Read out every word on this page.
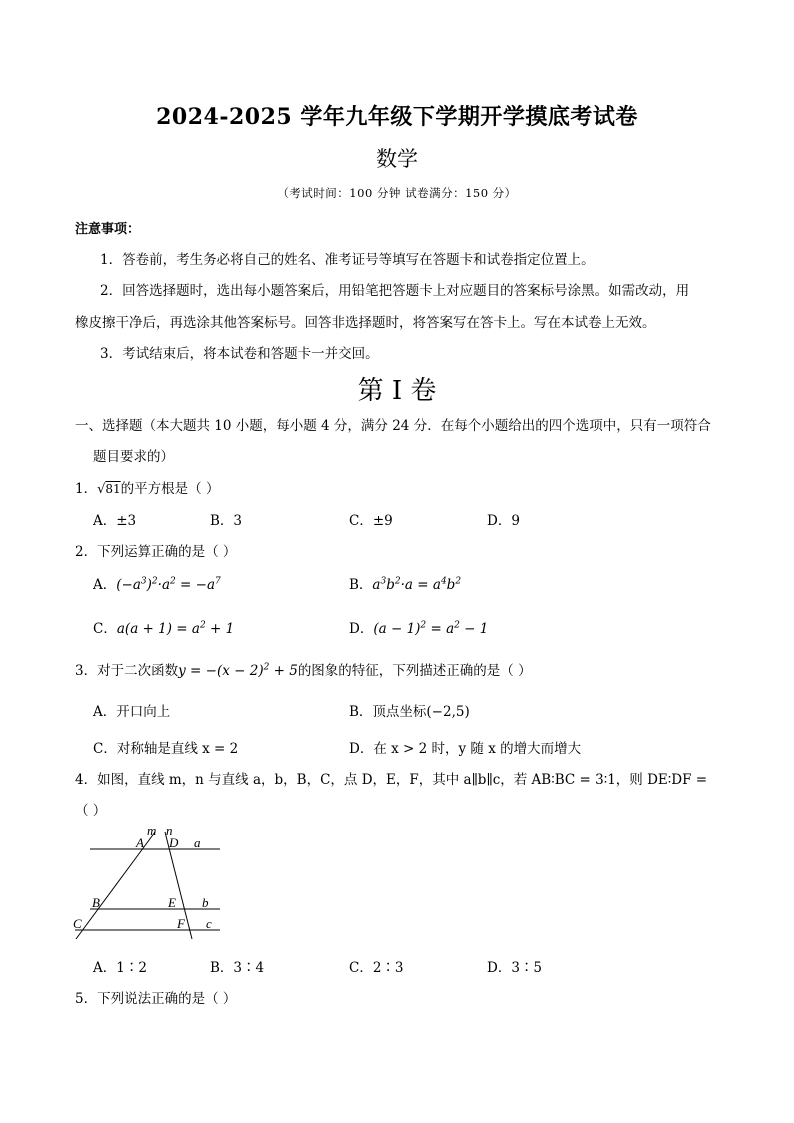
2024-2025 学年九年级下学期开学摸底考试卷
数学
（考试时间：100 分钟 试卷满分：150 分）
注意事项：
1．答卷前，考生务必将自己的姓名、准考证号等填写在答题卡和试卷指定位置上。
2．回答选择题时，选出每小题答案后，用铅笔把答题卡上对应题目的答案标号涂黑。如需改动，用
橡皮擦干净后，再选涂其他答案标号。回答非选择题时，将答案写在答卡上。写在本试卷上无效。
3．考试结束后，将本试卷和答题卡一并交回。
第 I 卷
一、选择题（本大题共 10 小题，每小题 4 分，满分 24 分．在每个小题给出的四个选项中，只有一项符合
题目要求的）
1．√81的平方根是（ ）
A．±3	B．3	C．±9	D．9
2．下列运算正确的是（ ）
A．$(-a^3)^2\cdot a^2 = -a^7$	B．$a^3b^2\cdot a = a^4b^2$
C．$a(a + 1) = a^2 + 1$	D．$(a - 1)^2 = a^2 - 1$
3．对于二次函数$y = -(x - 2)^2 + 5$的图象的特征，下列描述正确的是（ ）
A．开口向上	B．顶点坐标(−2,5)
C．对称轴是直线 x = 2	D．在 x > 2 时，y 随 x 的增大而增大
4．如图，直线 m，n 与直线 a，b，B，C，点 D，E，F，其中 a∥b∥c，若 AB∶BC = 3∶1，则 DE∶DF =
（ ）
m n
A D a
B	E b
C	F c
A．1∶2	B．3∶4	C．2∶3	D．3∶5
5．下列说法正确的是（ ）
